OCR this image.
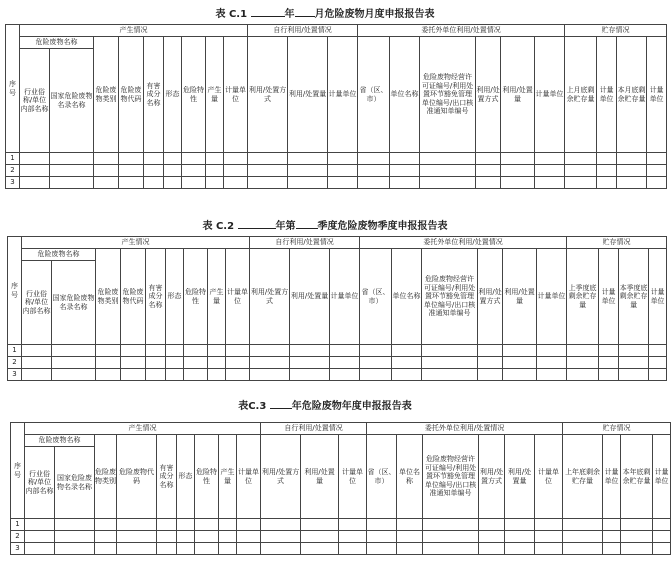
表 C.1	年 月危险废物月度申报报告表
序号	产生情况									自行利用/处置情况			委托外单位利用/处置情况						贮存情况			
	危险废物名称		危险废物类别	危险废物代码	有害成分名称	形态	危险特性	产生量	计量单位	利用/处置方式	利用/处置量	计量单位	省（区、市）	单位名称	危险废物经营许可证编号/利用处置环节豁免管理单位编号/出口核准通知单编号	利用/处置方式	利用/处置量	计量单位	上月底剩余贮存量	计量单位	本月底剩余贮存量	计量单位
	行业俗称/单位内部名称	国家危险废物名录名称																				
1																						
2																						
3																						
表 C.2	年第 季度危险废物季度申报报告表
序号	产生情况									自行利用/处置情况			委托外单位利用/处置情况						贮存情况			
	危险废物名称		危险废物类别	危险废物代码	有害成分名称	形态	危险特性	产生量	计量单位	利用/处置方式	利用/处置量	计量单位	省（区、市）	单位名称	危险废物经营许可证编号/利用处置环节豁免管理单位编号/出口核准通知单编号	利用/处置方式	利用/处置量	计量单位	上季度底剩余贮存量	计量单位	本季度底剩余贮存量	计量单位
	行业俗称/单位内部名称	国家危险废物名录名称																				
1																						
2																						
3																						
表C.3	年危险废物年度申报报告表
序号	产生情况									自行利用/处置情况			委托外单位利用/处置情况						贮存情况			
	危险废物名称		危险废物类别	危险废物代码	有害成分名称	形态	危险特性	产生量	计量单位	利用/处置方式	利用/处置量	计量单位	省（区、市）	单位名称	危险废物经营许可证编号/利用处置环节豁免管理单位编号/出口核准通知单编号	利用/处置方式	利用/处置量	计量单位	上年底剩余贮存量	计量单位	本年底剩余贮存量	计量单位
	行业俗称/单位内部名称	国家危险废物名录名称																				
1																						
2																						
3																						
